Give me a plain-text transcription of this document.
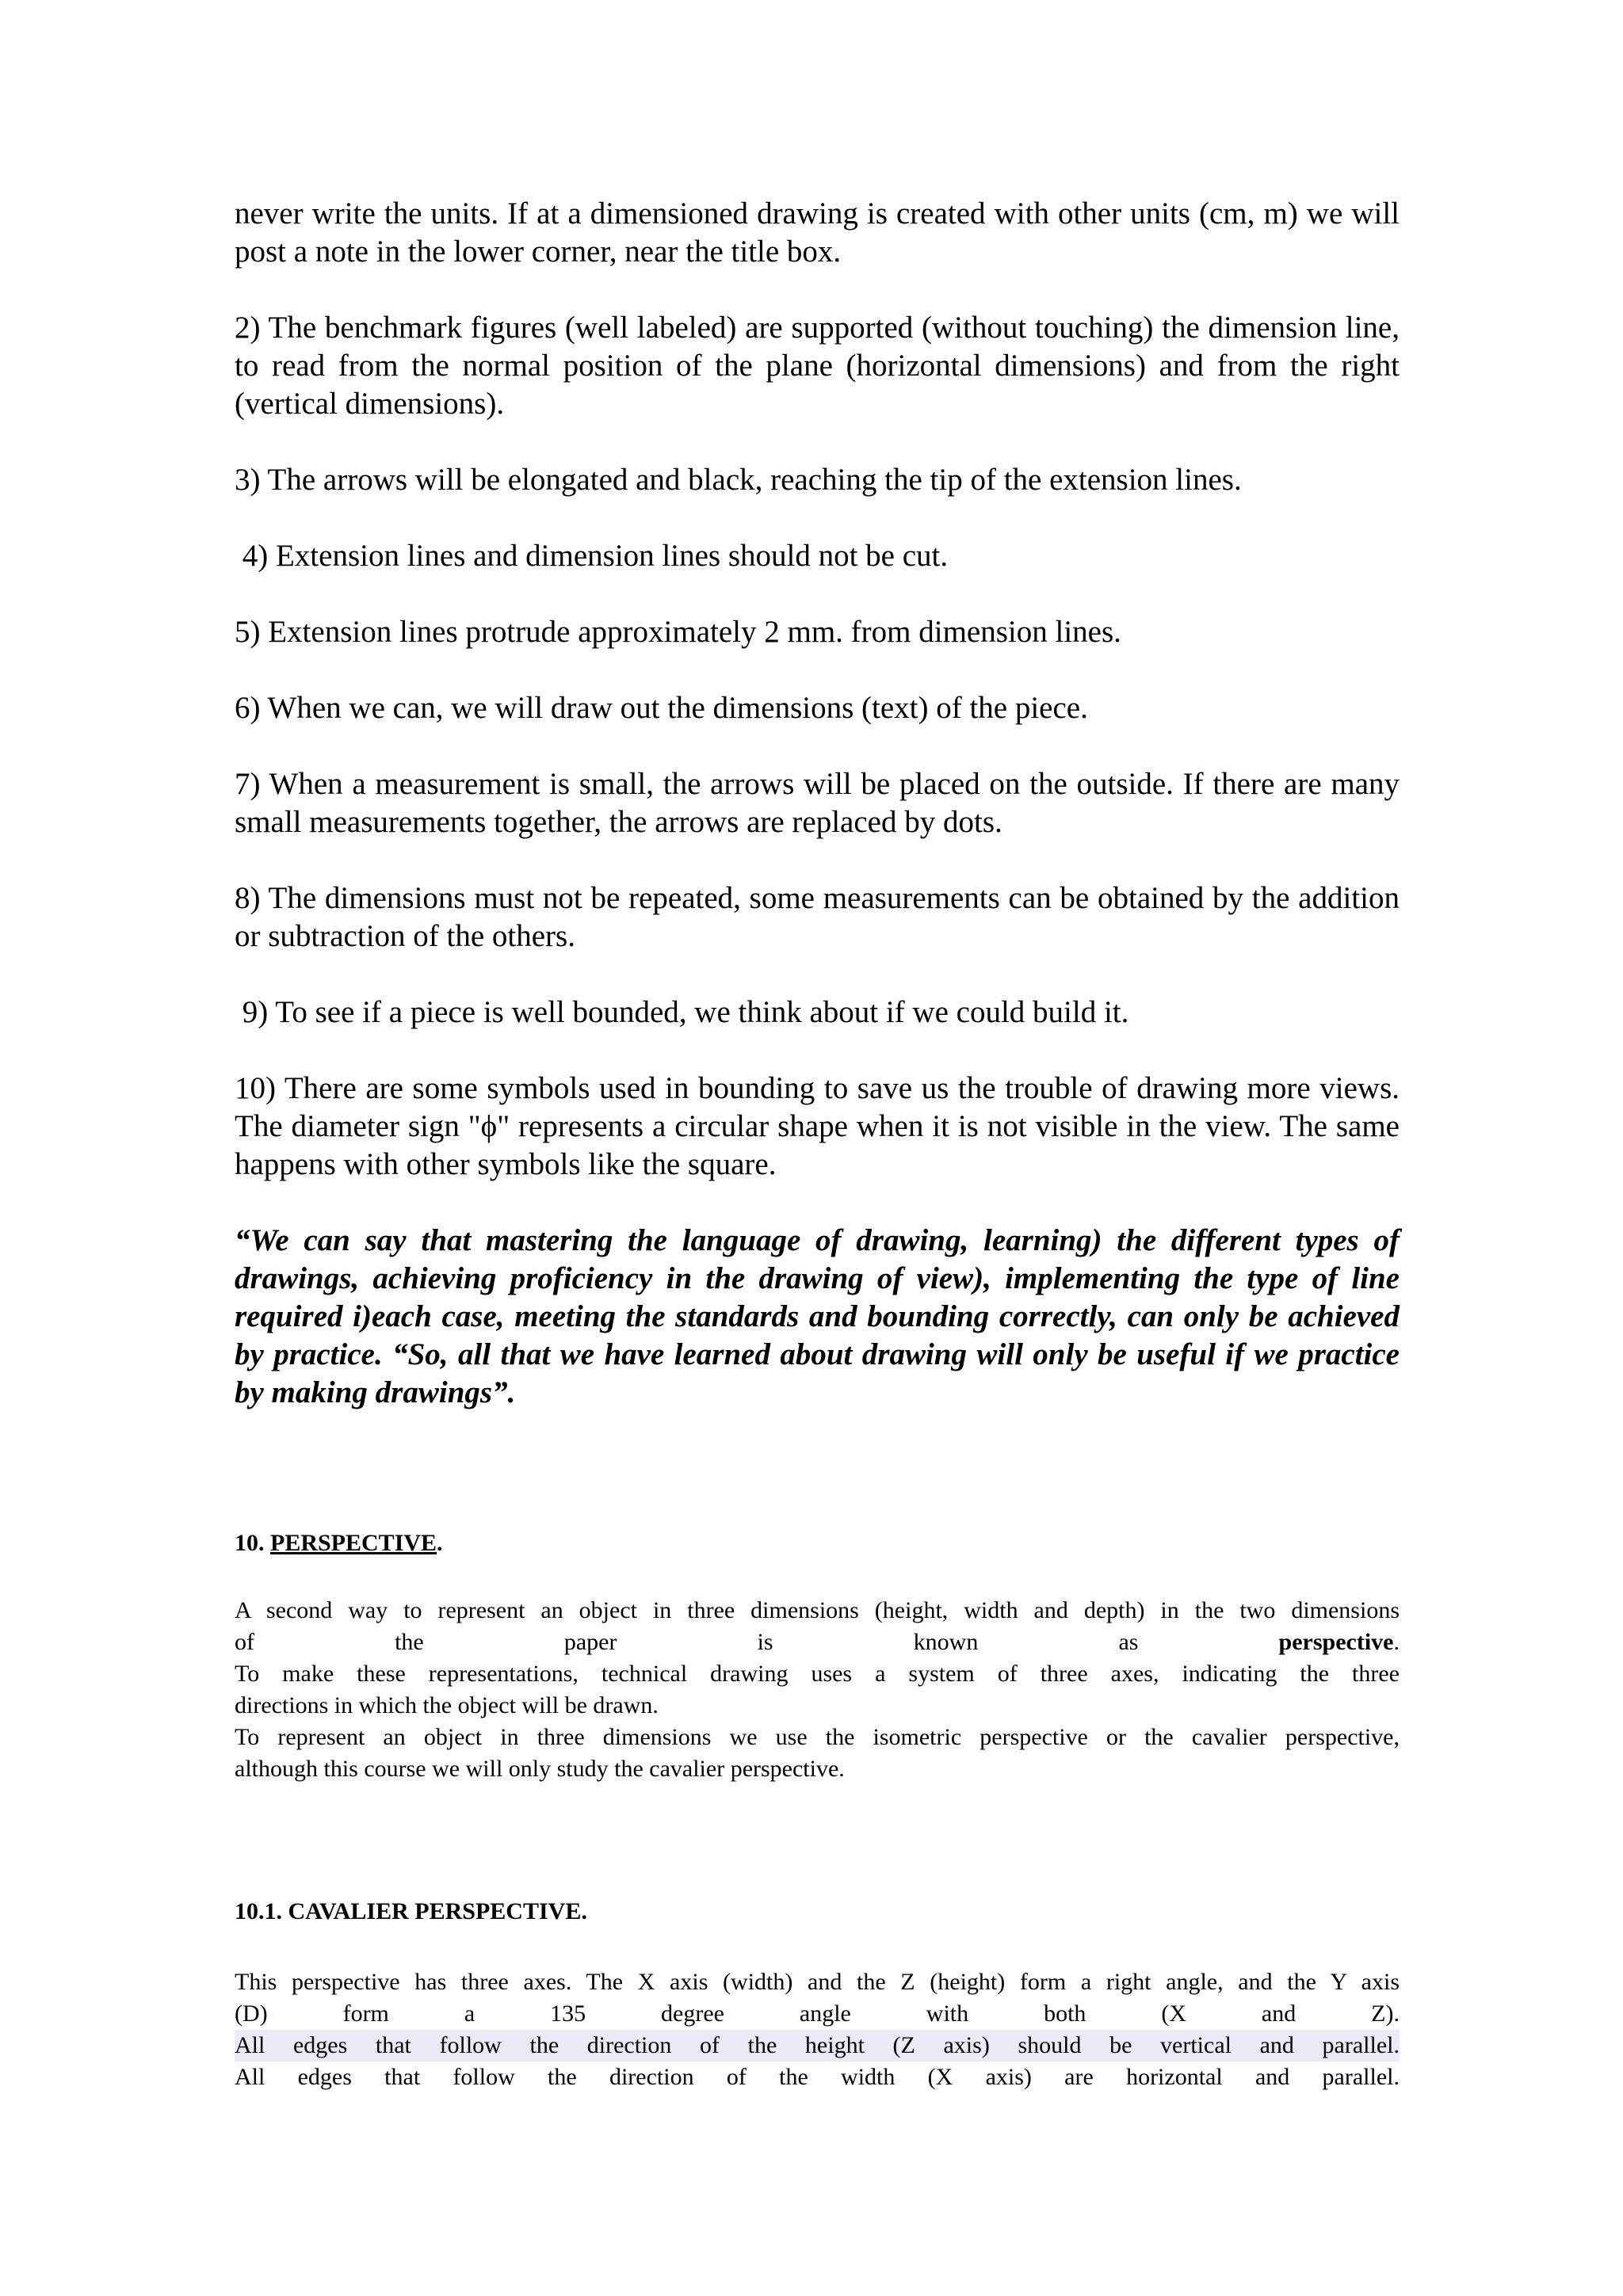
never write the units. If at a dimensioned drawing is created with other units (cm, m) we will post a note in the lower corner, near the title box.

2) The benchmark figures (well labeled) are supported (without touching) the dimension line, to read from the normal position of the plane (horizontal dimensions) and from the right (vertical dimensions).

3) The arrows will be elongated and black, reaching the tip of the extension lines.

4) Extension lines and dimension lines should not be cut.

5) Extension lines protrude approximately 2 mm. from dimension lines.

6) When we can, we will draw out the dimensions (text) of the piece.

7) When a measurement is small, the arrows will be placed on the outside. If there are many small measurements together, the arrows are replaced by dots.

8) The dimensions must not be repeated, some measurements can be obtained by the addition or subtraction of the others.

9) To see if a piece is well bounded, we think about if we could build it.

10) There are some symbols used in bounding to save us the trouble of drawing more views. The diameter sign "ϕ" represents a circular shape when it is not visible in the view. The same happens with other symbols like the square.

“We can say that mastering the language of drawing, learning) the different types of drawings, achieving proficiency in the drawing of view), implementing the type of line required i)each case, meeting the standards and bounding correctly, can only be achieved by practice. “So, all that we have learned about drawing will only be useful if we practice by making drawings”.

10. PERSPECTIVE.

A second way to represent an object in three dimensions (height, width and depth) in the two dimensions
of the paper is known as	perspective.
To make these representations, technical drawing uses a system of three axes, indicating the three
directions in which the object will be drawn.
To represent an object in three dimensions we use the isometric perspective or the cavalier perspective,
although this course we will only study the cavalier perspective.

10.1. CAVALIER PERSPECTIVE.

This perspective has three axes. The X axis (width) and the Z (height) form a right angle, and the Y axis
(D) form a 135 degree angle with both (X and Z).
All edges that follow the direction of the height (Z axis) should be vertical and parallel.
All edges that follow the direction of the width (X axis) are horizontal and parallel.
